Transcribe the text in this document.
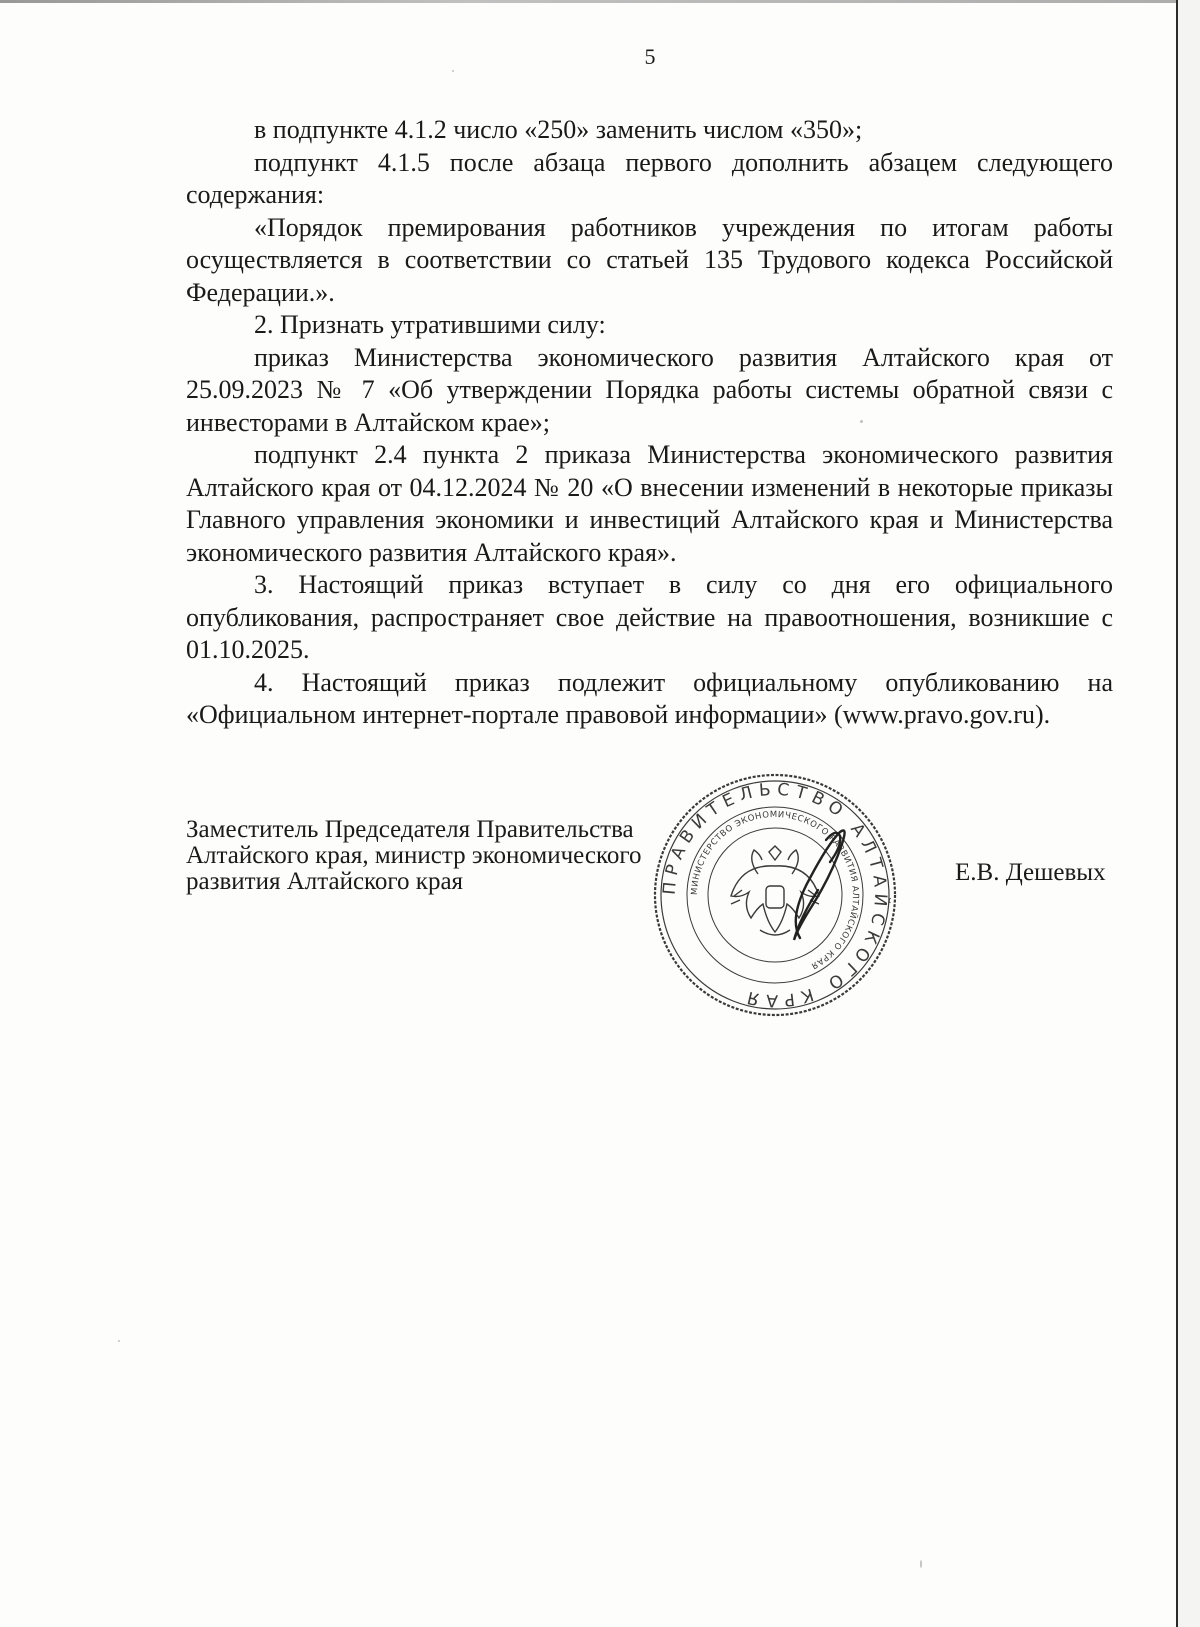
5

в подпункте 4.1.2 число «250» заменить числом «350»;

подпункт 4.1.5 после абзаца первого дополнить абзацем следующего содержания:

«Порядок премирования работников учреждения по итогам работы осуществляется в соответствии со статьей 135 Трудового кодекса Российской Федерации.».

2. Признать утратившими силу:

приказ Министерства экономического развития Алтайского края от 25.09.2023 № 7 «Об утверждении Порядка работы системы обратной связи с инвесторами в Алтайском крае»;

подпункт 2.4 пункта 2 приказа Министерства экономического развития Алтайского края от 04.12.2024 № 20 «О внесении изменений в некоторые приказы Главного управления экономики и инвестиций Алтайского края и Министерства экономического развития Алтайского края».

3. Настоящий приказ вступает в силу со дня его официального опубликования, распространяет свое действие на правоотношения, возникшие с 01.10.2025.

4. Настоящий приказ подлежит официальному опубликованию на «Официальном интернет-портале правовой информации» (www.pravo.gov.ru).

Заместитель Председателя Правительства
Алтайского края, министр экономического
развития Алтайского края	ПРАВИТЕЛЬСТВО АЛТАЙСКОГО КРАЯ
МИНИСТЕРСТВО ЭКОНОМИЧЕСКОГО РАЗВИТИЯ АЛТАЙСКОГО КРАЯ
Е.В. Дешевых
